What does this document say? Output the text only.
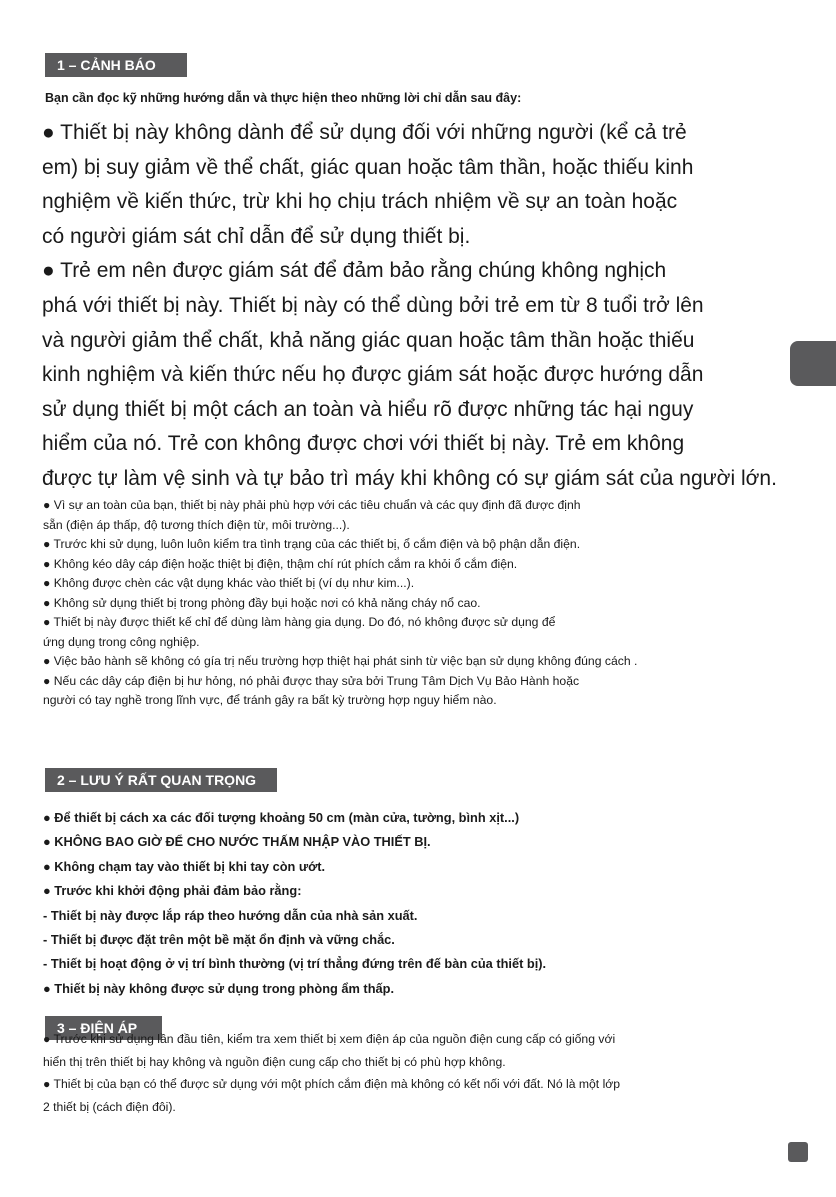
1 – CẢNH BÁO
Bạn cần đọc kỹ những hướng dẫn và thực hiện theo những lời chỉ dẫn sau đây:

● Thiết bị này không dành để sử dụng đối với những người (kể cả trẻ

em) bị suy giảm về thể chất, giác quan hoặc tâm thần, hoặc thiếu kinh

nghiệm về kiến thức, trừ khi họ chịu trách nhiệm về sự an toàn hoặc

có người giám sát chỉ dẫn để sử dụng thiết bị.

● Trẻ em nên được giám sát để đảm bảo rằng chúng không nghịch

phá với thiết bị này. Thiết bị này có thể dùng bởi trẻ em từ 8 tuổi trở lên

và người giảm thể chất, khả năng giác quan hoặc tâm thần hoặc thiếu

kinh nghiệm và kiến thức nếu họ được giám sát hoặc được hướng dẫn

sử dụng thiết bị một cách an toàn và hiểu rõ được những tác hại nguy

hiểm của nó. Trẻ con không được chơi với thiết bị này. Trẻ em không

được tự làm vệ sinh và tự bảo trì máy khi không có sự giám sát của người lớn.

● Vì sự an toàn của bạn, thiết bị này phải phù hợp với các tiêu chuẩn và các quy định đã được định

sẵn (điện áp thấp, độ tương thích điện từ, môi trường...).

● Trước khi sử dụng, luôn luôn kiểm tra tình trạng của các thiết bị, ổ cắm điện và bộ phận dẫn điện.

● Không kéo dây cáp điện hoặc thiệt bị điện, thậm chí rút phích cắm ra khỏi ổ cắm điện.

● Không được chèn các vật dụng khác vào thiết bị (ví dụ như kim...).

● Không sử dụng thiết bị trong phòng đầy bụi hoặc nơi có khả năng cháy nổ cao.

● Thiết bị này được thiết kế chỉ để dùng làm hàng gia dụng. Do đó, nó không được sử dụng để

ứng dụng trong công nghiệp.

● Việc bảo hành sẽ không có gía trị nếu trường hợp thiệt hại phát sinh từ việc bạn sử dụng không đúng cách .

● Nếu các dây cáp điện bị hư hỏng, nó phải được thay sửa bởi Trung Tâm Dịch Vụ Bảo Hành hoặc

người có tay nghề trong lĩnh vực, để tránh gây ra bất kỳ trường hợp nguy hiểm nào.

2 – LƯU Ý RẤT QUAN TRỌNG

● Để thiết bị cách xa các đối tượng khoảng 50 cm (màn cửa, tường, bình xịt...)

● KHÔNG BAO GIỜ ĐỂ CHO NƯỚC THẤM NHẬP VÀO THIẾT BỊ.

● Không chạm tay vào thiết bị khi tay còn ướt.

● Trước khi khởi động phải đảm bảo rằng:

- Thiết bị này được lắp ráp theo hướng dẫn của nhà sản xuất.

- Thiết bị được đặt trên một bề mặt ổn định và vững chắc.

- Thiết bị hoạt động ở vị trí bình thường (vị trí thẳng đứng trên đế bàn của thiết bị).

● Thiết bị này không được sử dụng trong phòng ẩm thấp.

3 – ĐIỆN ÁP

● Trước khi sử dụng lần đầu tiên, kiểm tra xem thiết bị xem điện áp của nguồn điện cung cấp có giống với

hiển thị trên thiết bị hay không và nguồn điện cung cấp cho thiết bị có phù hợp không.

● Thiết bị của bạn có thể được sử dụng với một phích cắm điện mà không có kết nối với đất. Nó là một lớp

2 thiết bị (cách điện đôi).
